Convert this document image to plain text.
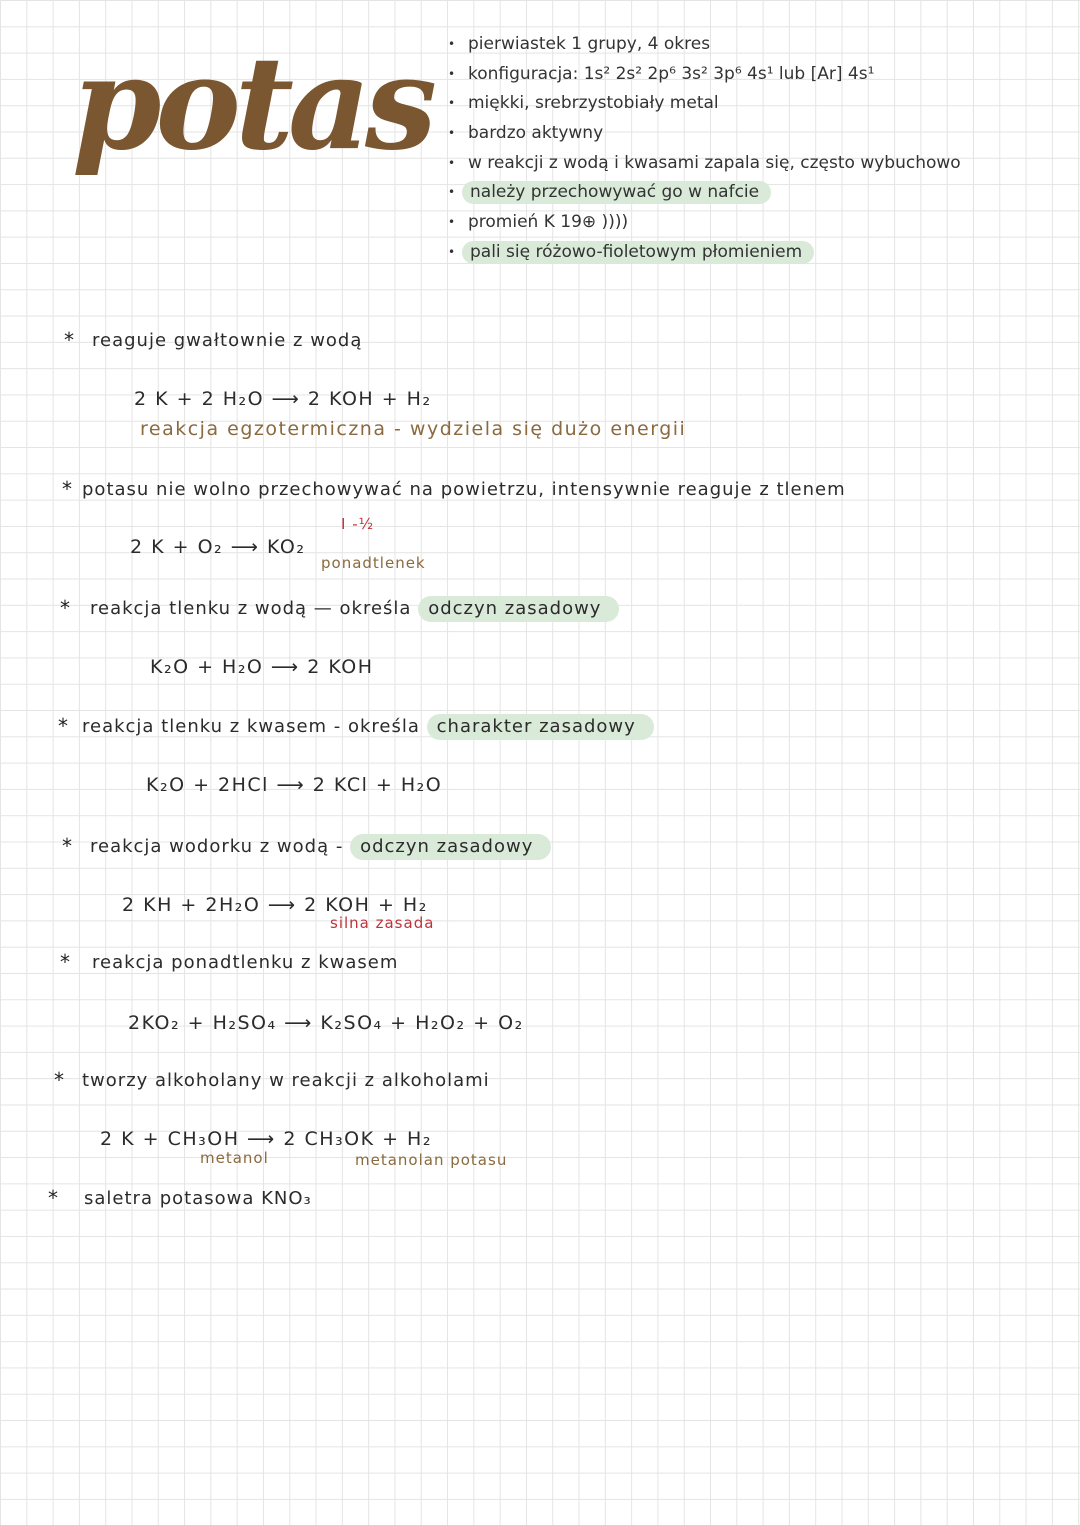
potas • pierwiastek 1 grupy, 4 okres
• konfiguracja: 1s² 2s² 2p⁶ 3s² 3p⁶ 4s¹ lub [Ar] 4s¹
• miękki, srebrzystobiały metal
• bardzo aktywny
• w reakcji z wodą i kwasami zapala się, często wybuchowo
• należy przechowywać go w nafcie
• promień K 19⊕ ))))
• pali się różowo-fioletowym płomieniem
* reaguje gwałtownie z wodą
2 K + 2 H₂O ⟶ 2 KOH + H₂
reakcja egzotermiczna - wydziela się dużo energii
* potasu nie wolno przechowywać na powietrzu, intensywnie reaguje z tlenem
I -½
2 K + O₂ ⟶ KO₂
ponadtlenek
* reakcja tlenku z wodą — określa odczyn zasadowy
K₂O + H₂O ⟶ 2 KOH
* reakcja tlenku z kwasem - określa charakter zasadowy
K₂O + 2HCl ⟶ 2 KCl + H₂O
* reakcja wodorku z wodą - odczyn zasadowy
2 KH + 2H₂O ⟶ 2 KOH + H₂
silna zasada
* reakcja ponadtlenku z kwasem
2KO₂ + H₂SO₄ ⟶ K₂SO₄ + H₂O₂ + O₂
* tworzy alkoholany w reakcji z alkoholami
2 K + CH₃OH ⟶ 2 CH₃OK + H₂
metanol	metanolan potasu
* saletra potasowa KNO₃
